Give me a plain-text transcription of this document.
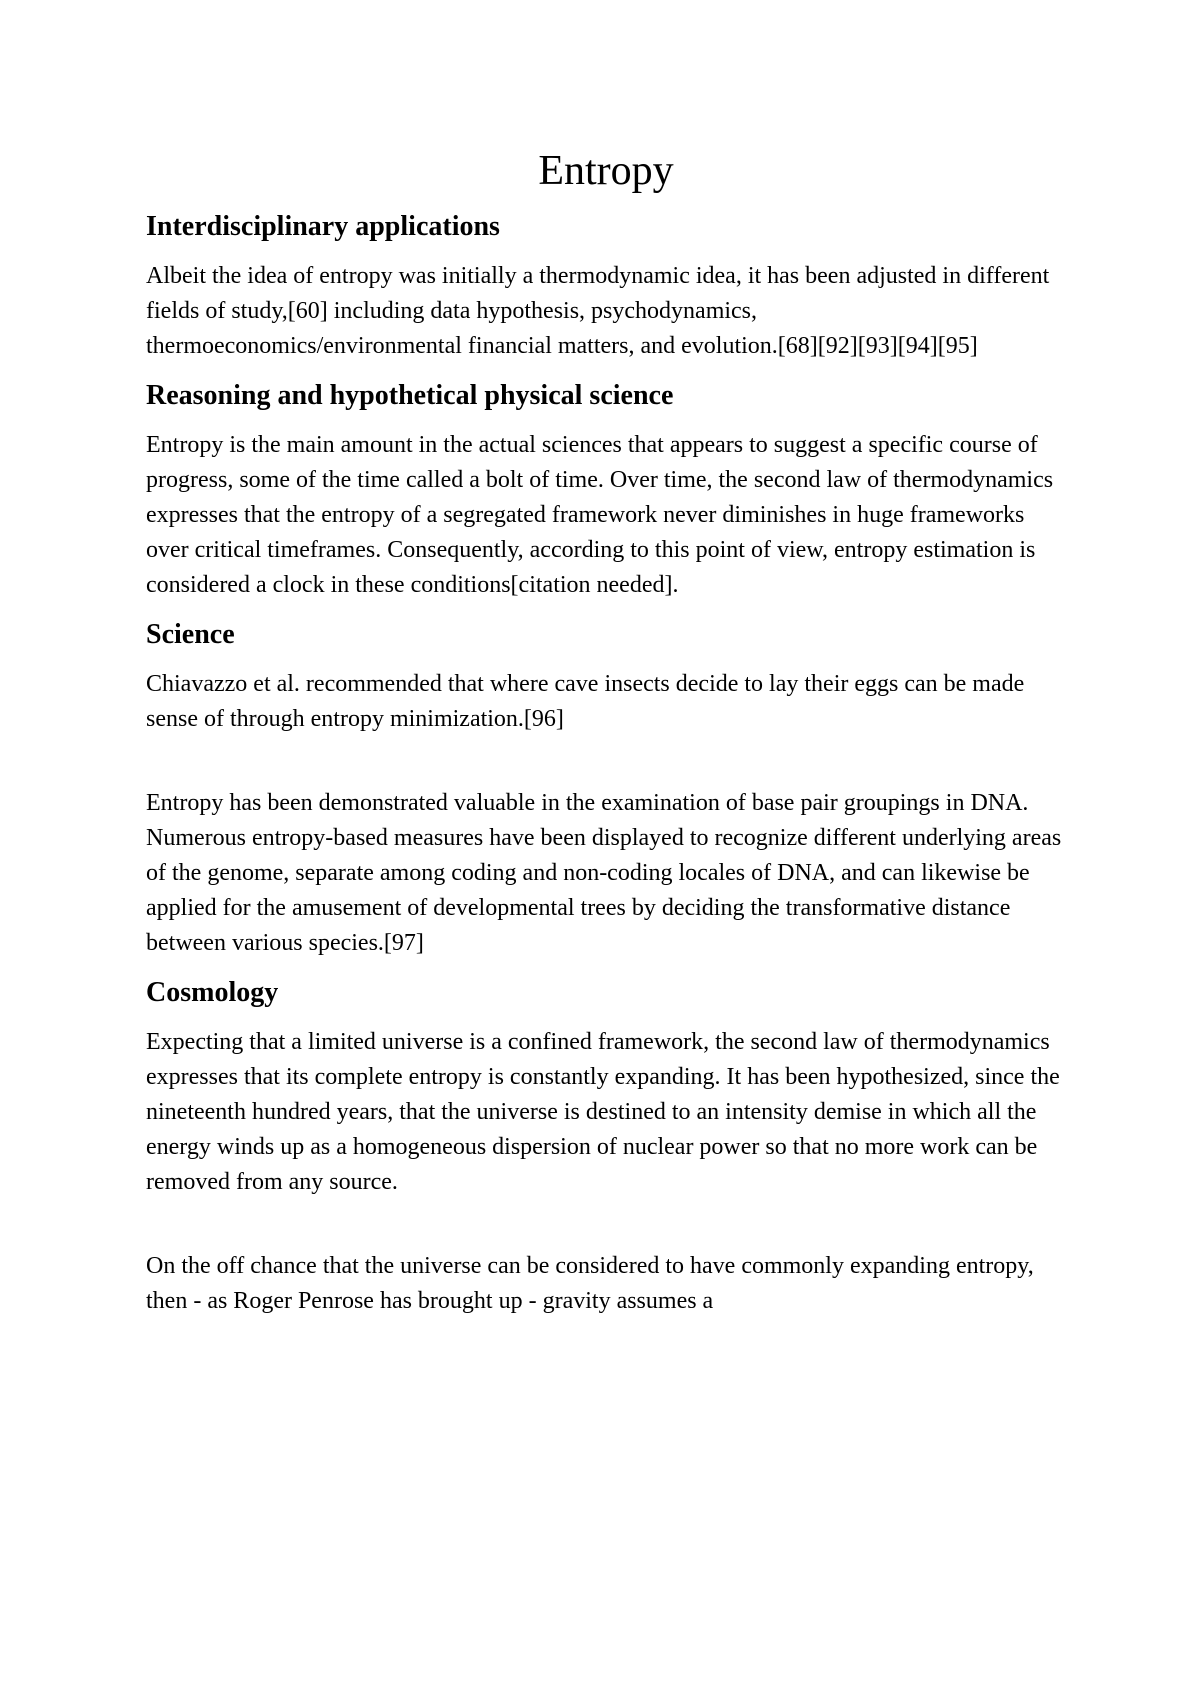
Entropy
Interdisciplinary applications

Albeit the idea of entropy was initially a thermodynamic idea, it has been adjusted in different fields of study,[60] including data hypothesis, psychodynamics, thermoeconomics/environmental financial matters, and evolution.[68][92][93][94][95]

Reasoning and hypothetical physical science

Entropy is the main amount in the actual sciences that appears to suggest a specific course of progress, some of the time called a bolt of time. Over time, the second law of thermodynamics expresses that the entropy of a segregated framework never diminishes in huge frameworks over critical timeframes. Consequently, according to this point of view, entropy estimation is considered a clock in these conditions[citation needed].

Science

Chiavazzo et al. recommended that where cave insects decide to lay their eggs can be made sense of through entropy minimization.[96]

Entropy has been demonstrated valuable in the examination of base pair groupings in DNA. Numerous entropy-based measures have been displayed to recognize different underlying areas of the genome, separate among coding and non-coding locales of DNA, and can likewise be applied for the amusement of developmental trees by deciding the transformative distance between various species.[97]

Cosmology

Expecting that a limited universe is a confined framework, the second law of thermodynamics expresses that its complete entropy is constantly expanding. It has been hypothesized, since the nineteenth hundred years, that the universe is destined to an intensity demise in which all the energy winds up as a homogeneous dispersion of nuclear power so that no more work can be removed from any source.

On the off chance that the universe can be considered to have commonly expanding entropy, then - as Roger Penrose has brought up - gravity assumes a
